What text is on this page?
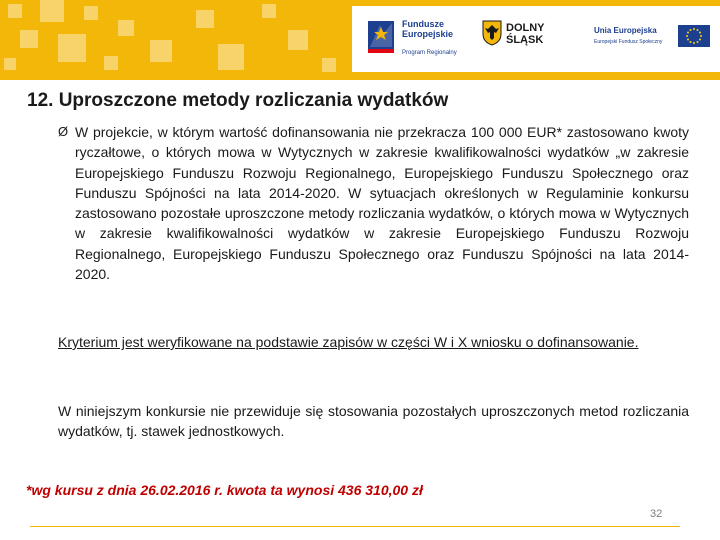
Fundusze
Europejskie
Program Regionalny
DOLNY
ŚLĄSK
Unia Europejska
Europejski Fundusz Społeczny
12. Uproszczone metody rozliczania wydatków
Ø W projekcie, w którym wartość dofinansowania nie przekracza 100 000 EUR* zastosowano kwoty ryczałtowe, o których mowa w Wytycznych w zakresie kwalifikowalności wydatków „w zakresie Europejskiego Funduszu Rozwoju Regionalnego, Europejskiego Funduszu Społecznego oraz Funduszu Spójności na lata 2014-2020. W sytuacjach określonych w Regulaminie konkursu zastosowano pozostałe uproszczone metody rozliczania wydatków, o których mowa w Wytycznych w zakresie kwalifikowalności wydatków w zakresie Europejskiego Funduszu Rozwoju Regionalnego, Europejskiego Funduszu Społecznego oraz Funduszu Spójności na lata 2014-2020.
Kryterium jest weryfikowane na podstawie zapisów w części W i X wniosku o dofinansowanie.
W niniejszym konkursie nie przewiduje się stosowania pozostałych uproszczonych metod rozliczania wydatków, tj. stawek jednostkowych.
*wg kursu z dnia 26.02.2016 r. kwota ta wynosi 436 310,00 zł
32
